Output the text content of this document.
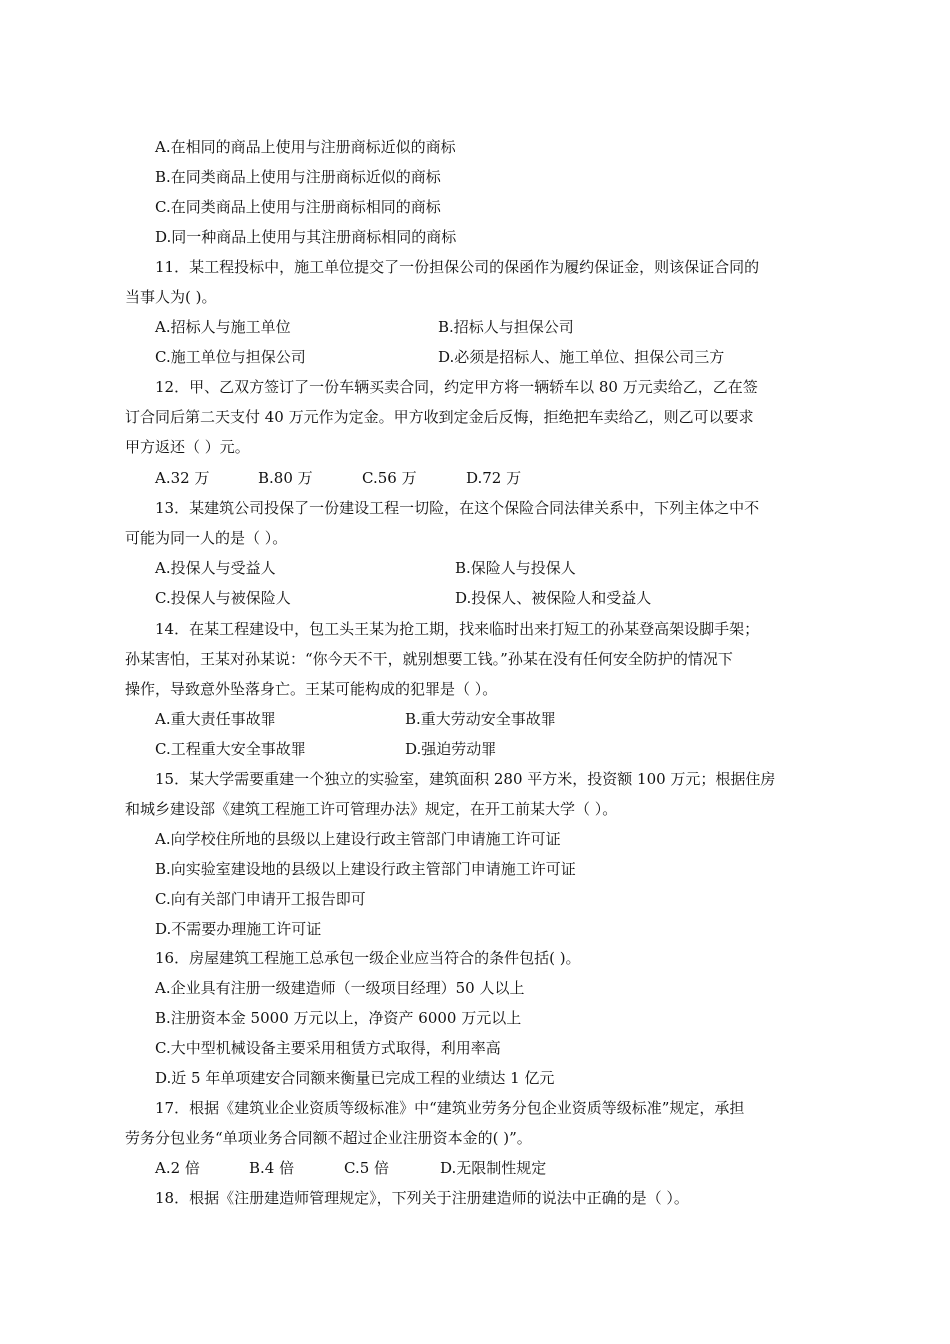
A.在相同的商品上使用与注册商标近似的商标
B.在同类商品上使用与注册商标近似的商标
C.在同类商品上使用与注册商标相同的商标
D.同一种商品上使用与其注册商标相同的商标
11．某工程投标中，施工单位提交了一份担保公司的保函作为履约保证金，则该保证合同的
当事人为( )。
A.招标人与施工单位	B.招标人与担保公司
C.施工单位与担保公司	D.必须是招标人、施工单位、担保公司三方
12．甲、乙双方签订了一份车辆买卖合同，约定甲方将一辆轿车以 80 万元卖给乙，乙在签
订合同后第二天支付 40 万元作为定金。甲方收到定金后反悔，拒绝把车卖给乙，则乙可以要求
甲方返还（ ）元。
A.32 万	B.80 万	C.56 万	D.72 万
13．某建筑公司投保了一份建设工程一切险，在这个保险合同法律关系中，下列主体之中不
可能为同一人的是（ ）。
A.投保人与受益人	B.保险人与投保人
C.投保人与被保险人	D.投保人、被保险人和受益人
14．在某工程建设中，包工头王某为抢工期，找来临时出来打短工的孙某登高架设脚手架；
孙某害怕，王某对孙某说：“你今天不干，就别想要工钱。”孙某在没有任何安全防护的情况下
操作，导致意外坠落身亡。王某可能构成的犯罪是（ ）。
A.重大责任事故罪	B.重大劳动安全事故罪
C.工程重大安全事故罪	D.强迫劳动罪
15．某大学需要重建一个独立的实验室，建筑面积 280 平方米，投资额 100 万元；根据住房
和城乡建设部《建筑工程施工许可管理办法》规定，在开工前某大学（ ）。
A.向学校住所地的县级以上建设行政主管部门申请施工许可证
B.向实验室建设地的县级以上建设行政主管部门申请施工许可证
C.向有关部门申请开工报告即可
D.不需要办理施工许可证
16．房屋建筑工程施工总承包一级企业应当符合的条件包括( )。
A.企业具有注册一级建造师（一级项目经理）50 人以上
B.注册资本金 5000 万元以上，净资产 6000 万元以上
C.大中型机械设备主要采用租赁方式取得，利用率高
D.近 5 年单项建安合同额来衡量已完成工程的业绩达 1 亿元
17．根据《建筑业企业资质等级标准》中“建筑业劳务分包企业资质等级标准”规定，承担
劳务分包业务“单项业务合同额不超过企业注册资本金的( )”。
A.2 倍	B.4 倍	C.5 倍	D.无限制性规定
18．根据《注册建造师管理规定》，下列关于注册建造师的说法中正确的是（ ）。
